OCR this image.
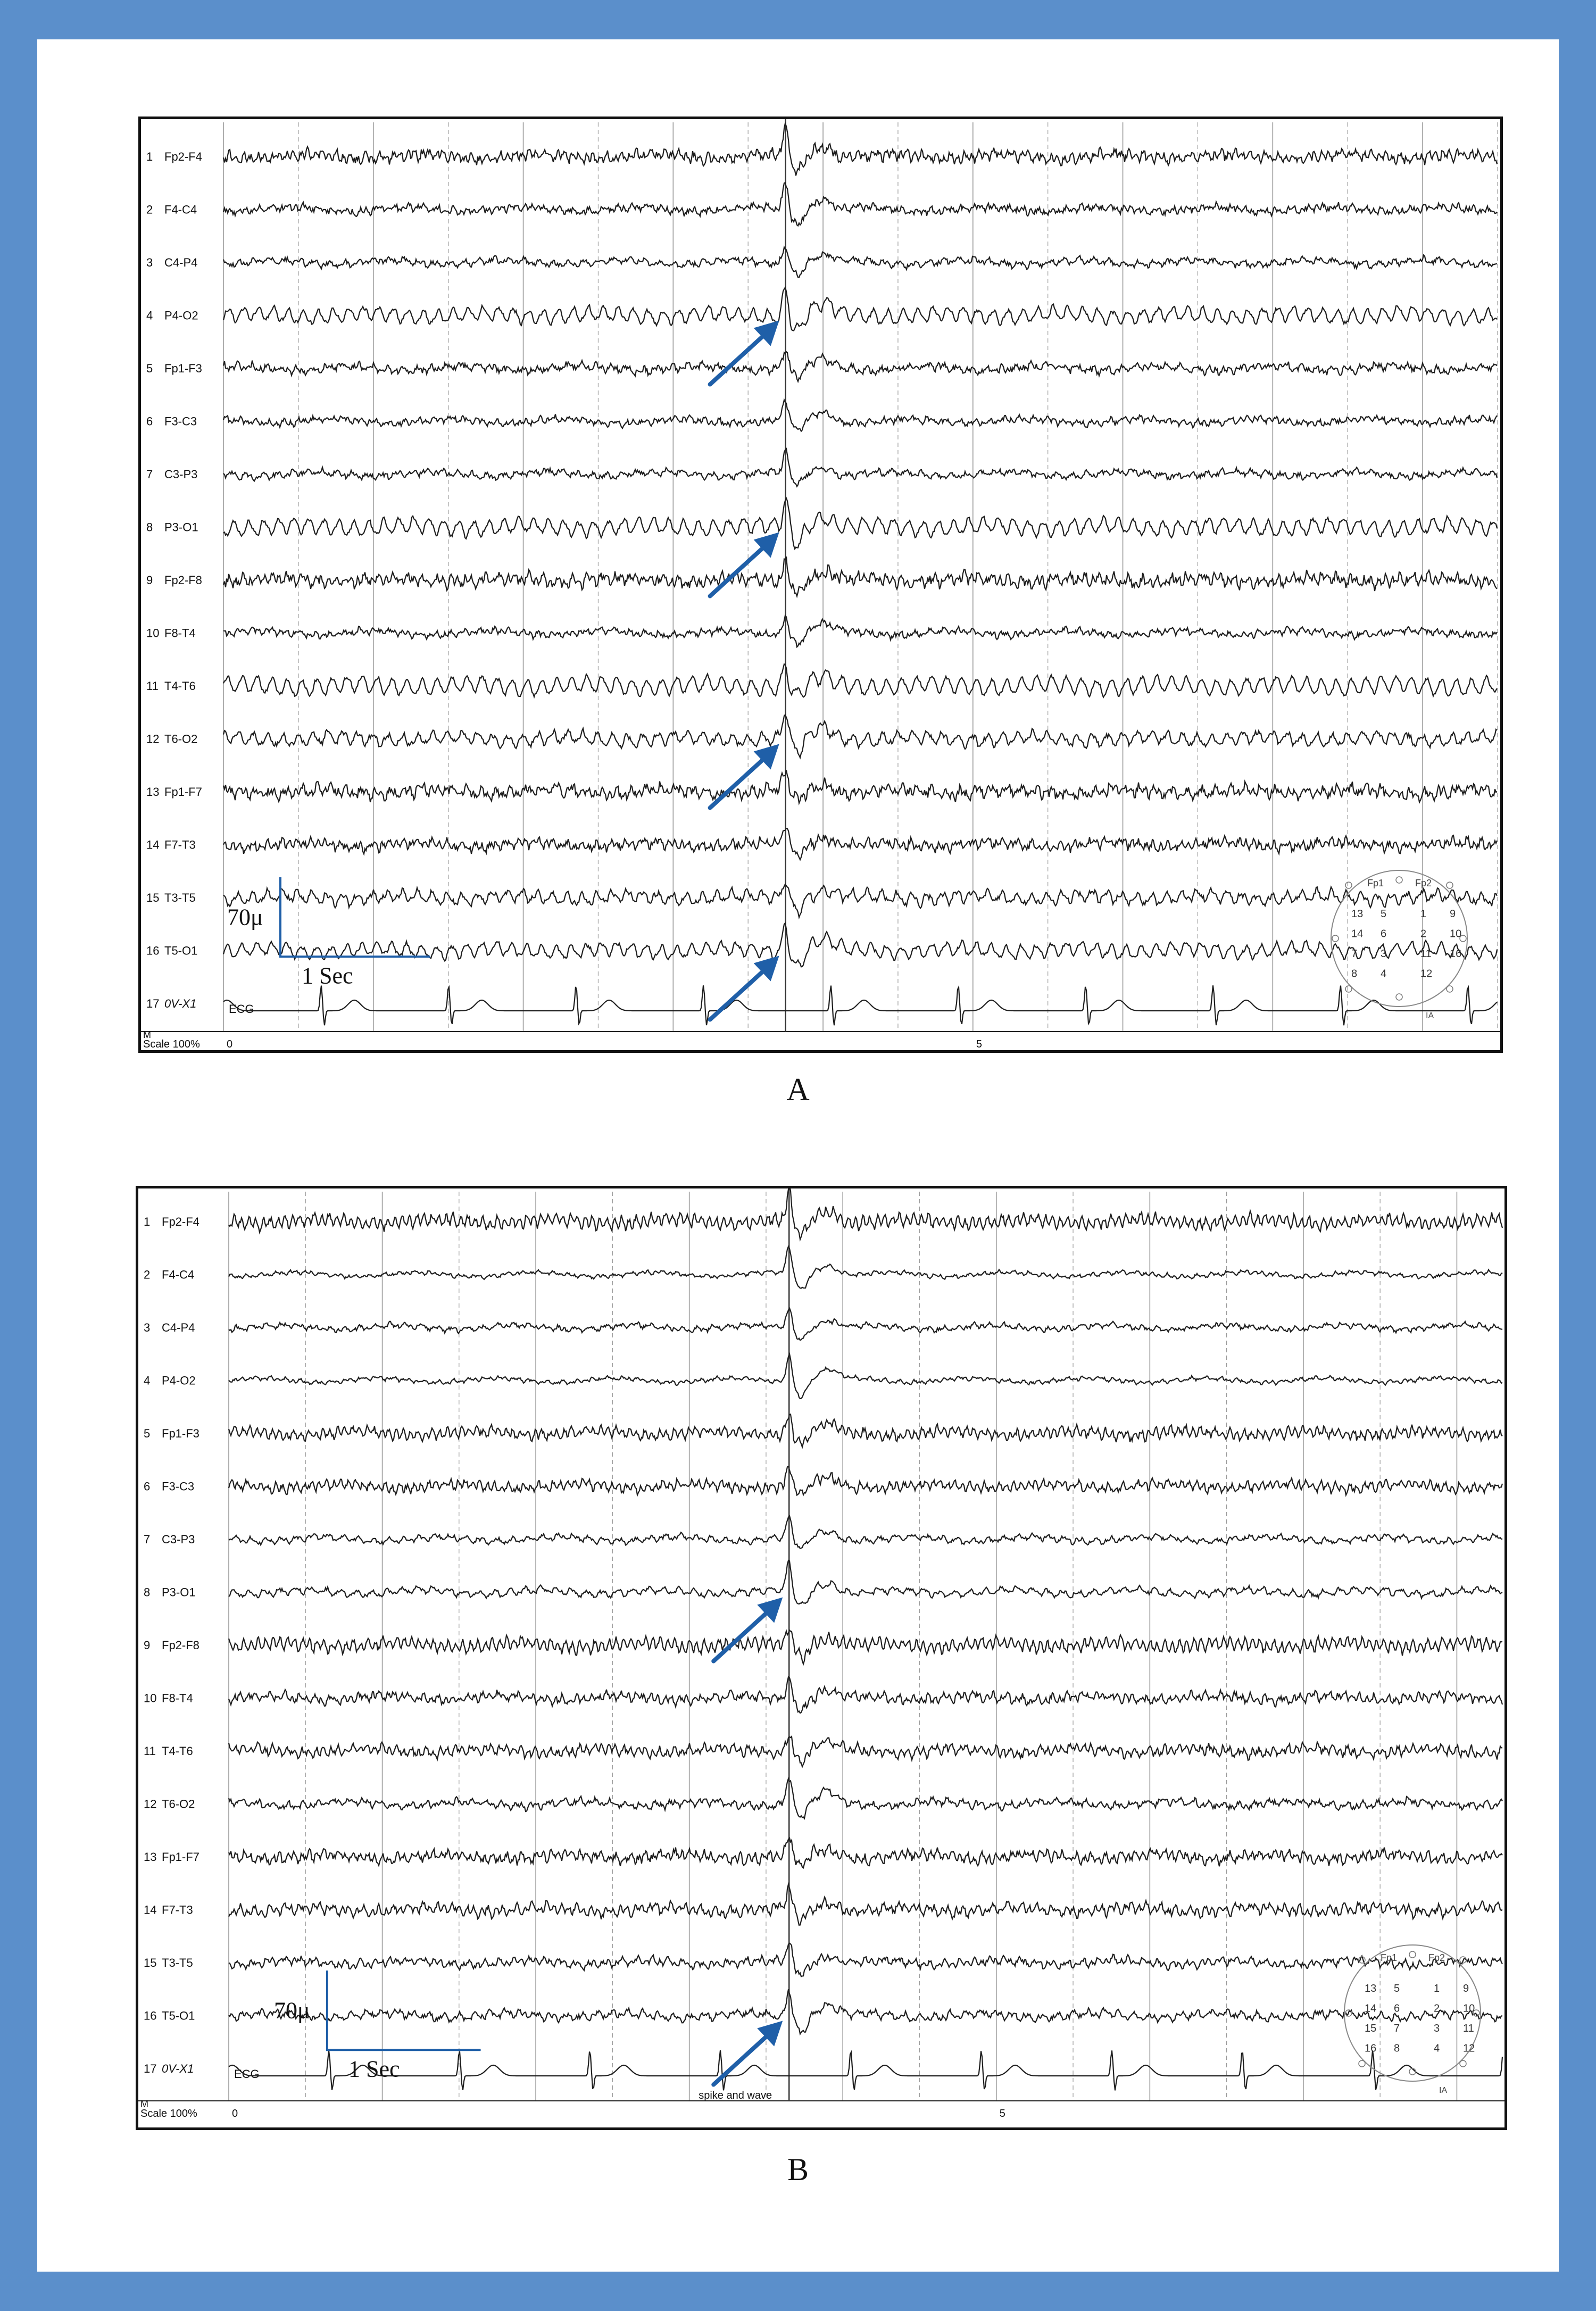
1 Fp2-F4
2 F4-C4
3 C4-P4
4 P4-O2
5 Fp1-F3
6 F3-C3
7 C3-P3
8 P3-O1
9 Fp2-F8
10 F8-T4
11 T4-T6
12 T6-O2
13 Fp1-F7
14 F7-T3
15 T3-T5
16 T5-O1
17 0V-X1	ECG
M
Scale 100%	0	5
70μ
1 Sec
Fp1	Fp2
IA
13 5	1 9
14 6	2 10
7 3	11 16
8 4	12
A
1 Fp2-F4
2 F4-C4
3 C4-P4
4 P4-O2
5 Fp1-F3
6 F3-C3
7 C3-P3
8 P3-O1
9 Fp2-F8
10 F8-T4
11 T4-T6
12 T6-O2
13 Fp1-F7
14 F7-T3
15 T3-T5
16 T5-O1
17 0V-X1	ECG
M
Scale 100%	0	5
spike and wave
70μ
1 Sec
Fp1	Fp2
IA
13 5	1 9
14 6	2 10
15 7	3 11
16 8	4 12
B
